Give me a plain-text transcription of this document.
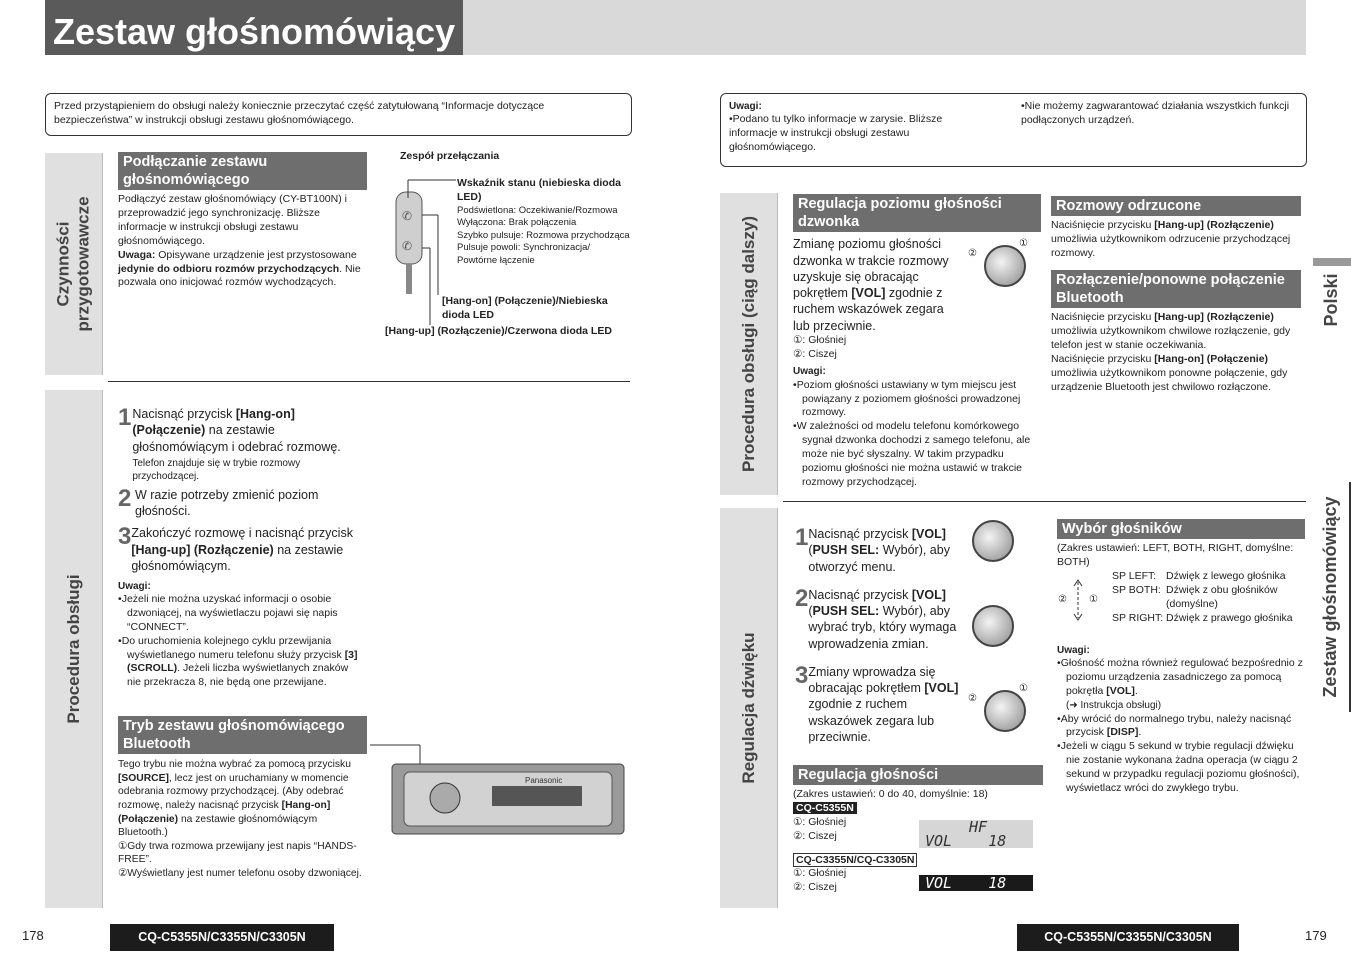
Zestaw głośnomówiący
Przed przystąpieniem do obsługi należy koniecznie przeczytać część zatytułowaną “Informacje dotyczące bezpieczeństwa” w instrukcji obsługi zestawu głośnomówiącego.
Czynności przygotowawcze
Podłączanie zestawu głośnomówiącego
Podłączyć zestaw głośnomówiący (CY-BT100N) i przeprowadzić jego synchronizację. Bliższe informacje w instrukcji obsługi zestawu głośnomówiącego.
Uwaga: Opisywane urządzenie jest przystosowane jedynie do odbioru rozmów przychodzących. Nie pozwala ono inicjować rozmów wychodzących.
Zespół przełączania
✆
✆
Wskaźnik stanu (niebieska dioda LED)
Podświetlona: Oczekiwanie/Rozmowa
Wyłączona: Brak połączenia
Szybko pulsuje: Rozmowa przychodząca
Pulsuje powoli: Synchronizacja/ Powtórne łączenie
[Hang-on] (Połączenie)/Niebieska dioda LED
[Hang-up] (Rozłączenie)/Czerwona dioda LED
Procedura obsługi
1 Nacisnąć przycisk [Hang-on] (Połączenie) na zestawie głośnomówiącym i odebrać rozmowę.
Telefon znajduje się w trybie rozmowy przychodzącej.
2 W razie potrzeby zmienić poziom głośności.
3 Zakończyć rozmowę i nacisnąć przycisk [Hang-up] (Rozłączenie) na zestawie głośnomówiącym.
Uwagi:
•Jeżeli nie można uzyskać informacji o osobie dzwoniącej, na wyświetlaczu pojawi się napis “CONNECT”.
•Do uruchomienia kolejnego cyklu przewijania wyświetlanego numeru telefonu służy przycisk [3] (SCROLL). Jeżeli liczba wyświetlanych znaków nie przekracza 8, nie będą one przewijane.
Tryb zestawu głośnomówiącego Bluetooth
Tego trybu nie można wybrać za pomocą przycisku [SOURCE], lecz jest on uruchamiany w momencie odebrania rozmowy przychodzącej. (Aby odebrać rozmowę, należy nacisnąć przycisk [Hang-on] (Połączenie) na zestawie głośnomówiącym Bluetooth.)
①Gdy trwa rozmowa przewijany jest napis “HANDS-FREE”.
②Wyświetlany jest numer telefonu osoby dzwoniącej.
Panasonic
178	CQ-C5355N/C3355N/C3305N
Uwagi:
•Podano tu tylko informacje w zarysie. Bliższe informacje w instrukcji obsługi zestawu głośnomówiącego.
•Nie możemy zagwarantować działania wszystkich funkcji podłączonych urządzeń.
Procedura obsługi (ciąg dalszy)
Regulacja poziomu głośności dzwonka
Zmianę poziomu głośności dzwonka w trakcie rozmowy uzyskuje się obracając pokrętłem [VOL] zgodnie z ruchem wskazówek zegara lub przeciwnie.
①: Głośniej
②: Ciszej
Uwagi:
•Poziom głośności ustawiany w tym miejscu jest powiązany z poziomem głośności prowadzonej rozmowy.
•W zależności od modelu telefonu komórkowego sygnał dzwonka dochodzi z samego telefonu, ale może nie być słyszalny. W takim przypadku poziomu głośności nie można ustawić w trakcie rozmowy przychodzącej.
②
①
Rozmowy odrzucone
Naciśnięcie przycisku [Hang-up] (Rozłączenie) umożliwia użytkownikom odrzucenie przychodzącej rozmowy.
Rozłączenie/ponowne połączenie Bluetooth
Naciśnięcie przycisku [Hang-up] (Rozłączenie) umożliwia użytkownikom chwilowe rozłączenie, gdy telefon jest w stanie oczekiwania.
Naciśnięcie przycisku [Hang-on] (Połączenie) umożliwia użytkownikom ponowne połączenie, gdy urządzenie Bluetooth jest chwilowo rozłączone.
Polski
Zestaw głośnomówiący
Regulacja dźwięku
1 Nacisnąć przycisk [VOL] (PUSH SEL: Wybór), aby otworzyć menu.
2 Nacisnąć przycisk [VOL] (PUSH SEL: Wybór), aby wybrać tryb, który wymaga wprowadzenia zmian.
3 Zmiany wprowadza się obracając pokrętłem [VOL] zgodnie z ruchem wskazówek zegara lub przeciwnie.
②
①
Regulacja głośności
(Zakres ustawień: 0 do 40, domyślnie: 18)
CQ-C5355N
①: Głośniej
②: Ciszej
CQ-C3355N/CQ-C3305N
①: Głośniej
②: Ciszej
HF
VOL    18
VOL    18
Wybór głośników
(Zakres ustawień: LEFT, BOTH, RIGHT, domyślne: BOTH)
② ①
SP LEFT:	Dźwięk z lewego głośnika
SP BOTH:	Dźwięk z obu głośników (domyślne)
SP RIGHT:	Dźwięk z prawego głośnika
Uwagi:
•Głośność można również regulować bezpośrednio z poziomu urządzenia zasadniczego za pomocą pokrętła [VOL].
(➜ Instrukcja obsługi)
•Aby wrócić do normalnego trybu, należy nacisnąć przycisk [DISP].
•Jeżeli w ciągu 5 sekund w trybie regulacji dźwięku nie zostanie wykonana żadna operacja (w ciągu 2 sekund w przypadku regulacji poziomu głośności), wyświetlacz wróci do zwykłego trybu.
CQ-C5355N/C3355N/C3305N	179
